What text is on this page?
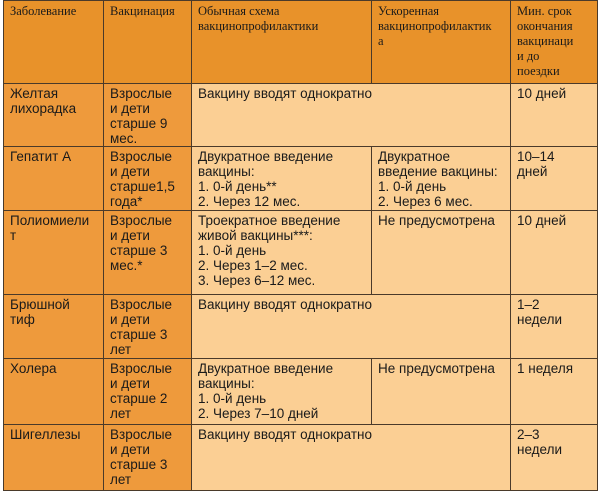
Заболевание	Вакцинация	Обычная схема
вакцинопрофилактики	Ускоренная
вакцинопрофилактик
а	Мин. срок
окончания
вакцинаци
и до
поездки

Желтая
лихорадка	Взрослые
и дети
старше 9
мес.	Вакцину вводят однократно		10 дней

Гепатит А	Взрослые
и дети
старше1,5
года*	Двукратное введение
вакцины:
1. 0-й день**
2. Через 12 мес.	Двукратное
введение вакцины:
1. 0-й день
2. Через 6 мес.	10–14
дней

Полиомиели
т	Взрослые
и дети
старше 3
мес.*	Троекратное введение
живой вакцины***:
1. 0-й день
2. Через 1–2 мес.
3. Через 6–12 мес.	Не предусмотрена	10 дней

Брюшной
тиф	Взрослые
и дети
старше 3
лет	Вакцину вводят однократно		1–2
недели

Холера	Взрослые
и дети
старше 2
лет	Двукратное введение
вакцины:
1. 0-й день
2. Через 7–10 дней	Не предусмотрена	1 неделя

Шигеллезы	Взрослые
и дети
старше 3
лет	Вакцину вводят однократно		2–3
недели
